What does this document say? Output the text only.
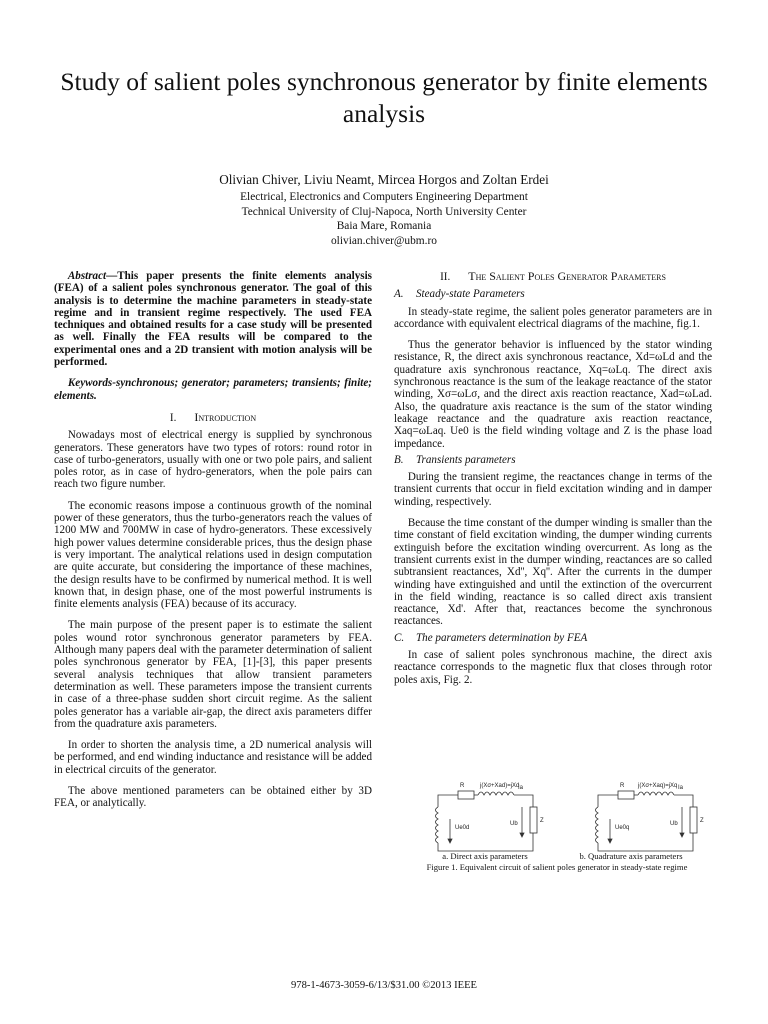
Study of salient poles synchronous generator by finite elements analysis
Olivian Chiver, Liviu Neamt, Mircea Horgos and Zoltan Erdei
Electrical, Electronics and Computers Engineering Department
Technical University of Cluj-Napoca, North University Center
Baia Mare, Romania
olivian.chiver@ubm.ro

Abstract—This paper presents the finite elements analysis (FEA) of a salient poles synchronous generator. The goal of this analysis is to determine the machine parameters in steady-state regime and in transient regime respectively. The used FEA techniques and obtained results for a case study will be presented as well. Finally the FEA results will be compared to the experimental ones and a 2D transient with motion analysis will be performed.

Keywords-synchronous; generator; parameters; transients; finite; elements.

I. Introduction

Nowadays most of electrical energy is supplied by synchronous generators. These generators have two types of rotors: round rotor in case of turbo-generators, usually with one or two pole pairs, and salient poles rotor, as in case of hydro-generators, when the pole pairs can reach two figure number.

The economic reasons impose a continuous growth of the nominal power of these generators, thus the turbo-generators reach the values of 1200 MW and 700MW in case of hydro-generators. These excessively high power values determine considerable prices, thus the design phase is very important. The analytical relations used in design computation are quite accurate, but considering the importance of these machines, the design results have to be confirmed by numerical method. It is well known that, in design phase, one of the most powerful instruments is finite elements analysis (FEA) because of its accuracy.

The main purpose of the present paper is to estimate the salient poles wound rotor synchronous generator parameters by FEA. Although many papers deal with the parameter determination of salient poles synchronous generator by FEA, [1]-[3], this paper presents several analysis techniques that allow transient parameters determination as well. These parameters impose the transient currents in case of a three-phase sudden short circuit regime. As the salient poles generator has a variable air-gap, the direct axis parameters differ from the quadrature axis parameters.

In order to shorten the analysis time, a 2D numerical analysis will be performed, and end winding inductance and resistance will be added in electrical circuits of the generator.

The above mentioned parameters can be obtained either by 3D FEA, or analytically.

II. The Salient Poles Generator Parameters
A. Steady-state Parameters

In steady-state regime, the salient poles generator parameters are in accordance with equivalent electrical diagrams of the machine, fig.1.

Thus the generator behavior is influenced by the stator winding resistance, R, the direct axis synchronous reactance, Xd=ωLd and the quadrature axis synchronous reactance, Xq=ωLq. The direct axis synchronous reactance is the sum of the leakage reactance of the stator winding, Xσ=ωLσ, and the direct axis reaction reactance, Xad=ωLad. Also, the quadrature axis reactance is the sum of the stator winding leakage reactance and the quadrature axis reaction reactance, Xaq=ωLaq. Ue0 is the field winding voltage and Z is the phase load impedance.

B. Transients parameters

During the transient regime, the reactances change in terms of the transient currents that occur in field excitation winding and in damper winding, respectively.

Because the time constant of the dumper winding is smaller than the time constant of field excitation winding, the dumper winding currents extinguish before the excitation winding overcurrent. As long as the transient currents exist in the dumper winding, reactances are so called subtransient reactances, Xd'', Xq''. After the currents in the dumper winding have extinguished and until the extinction of the overcurrent in the field winding, reactance is so called direct axis transient reactance, Xd'. After that, reactances become the synchronous reactances.

C. The parameters determination by FEA

In case of salient poles synchronous machine, the direct axis reactance corresponds to the magnetic flux that closes through rotor poles axis, Fig. 2.

R	j(Xσ+Xad)=jXd
Ia
Ue0d
Ub	Z
R j(Xσ+Xaq)=jXq Ia
Ue0q
Ub	Z
a. Direct axis parameters	b. Quadrature axis parameters
Figure 1. Equivalent circuit of salient poles generator in steady-state regime
978-1-4673-3059-6/13/$31.00 ©2013 IEEE
